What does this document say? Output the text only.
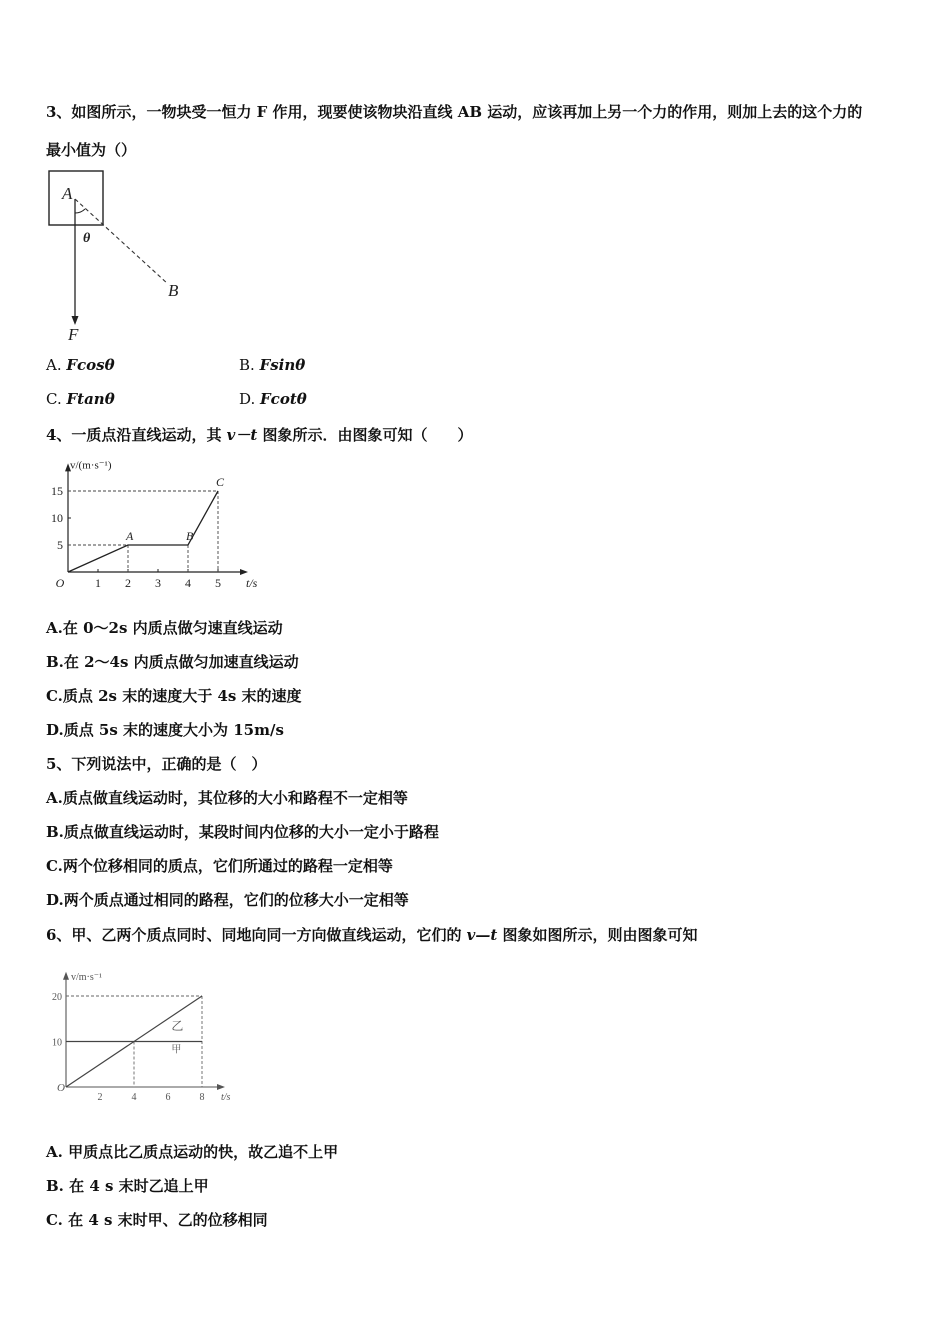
3、如图所示，一物块受一恒力 F 作用，现要使该物块沿直线 AB 运动，应该再加上另一个力的作用，则加上去的这个力的
最小值为（）
A
θ
B
F
A. Fcosθ	B. Fsinθ
C. Ftanθ	D. Fcotθ
4、一质点沿直线运动，其 v－t 图象所示．由图象可知（　　）
1 2 3 4 5
5
10
15
O	t/s
v/(m·s⁻¹)
A	B
C
A.在 0～2s 内质点做匀速直线运动
B.在 2～4s 内质点做匀加速直线运动
C.质点 2s 末的速度大于 4s 末的速度
D.质点 5s 末的速度大小为 15m/s
5、下列说法中，正确的是（　）
A.质点做直线运动时，其位移的大小和路程不一定相等
B.质点做直线运动时，某段时间内位移的大小一定小于路程
C.两个位移相同的质点，它们所通过的路程一定相等
D.两个质点通过相同的路程，它们的位移大小一定相等
6、甲、乙两个质点同时、同地向同一方向做直线运动，它们的 v—t 图象如图所示，则由图象可知
2	4	6	8
10
20
O
t/s
v/m·s⁻¹
乙
甲
A. 甲质点比乙质点运动的快，故乙追不上甲
B. 在 4 s 末时乙追上甲
C. 在 4 s 末时甲、乙的位移相同
